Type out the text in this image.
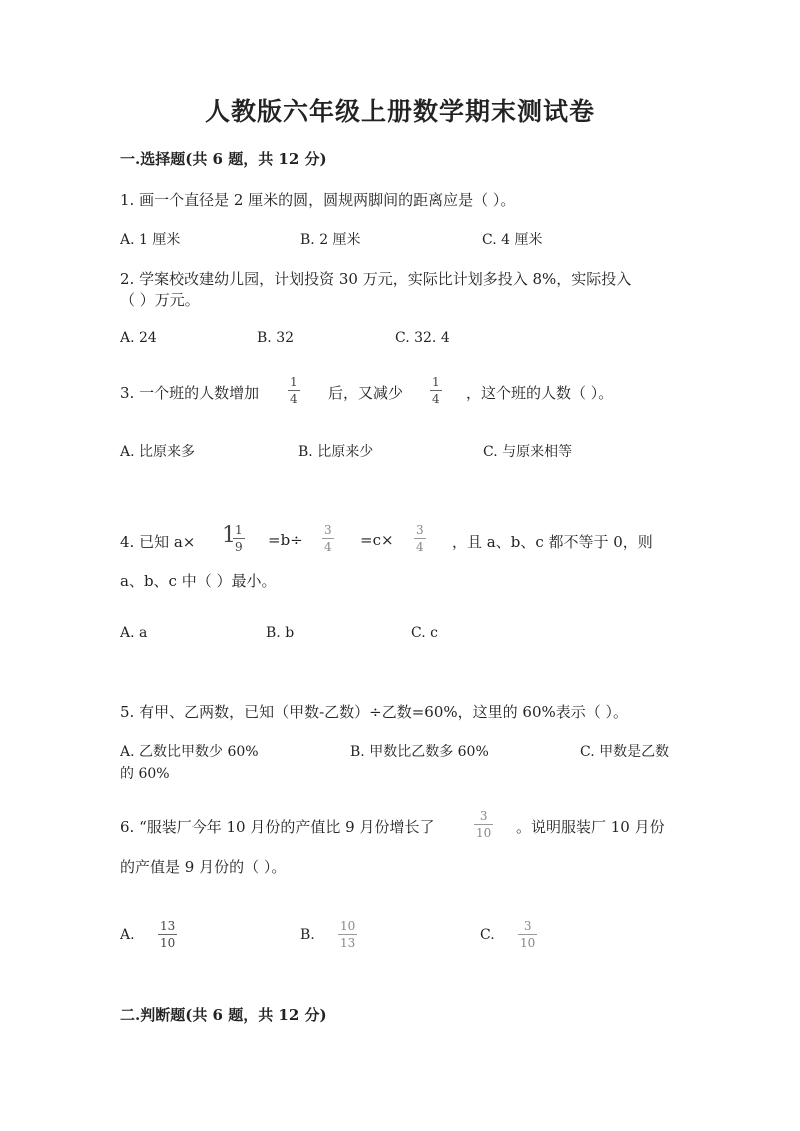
人教版六年级上册数学期末测试卷
一.选择题(共 6 题，共 12 分)
1. 画一个直径是 2 厘米的圆，圆规两脚间的距离应是（ ）。
A. 1 厘米	B. 2 厘米	C. 4 厘米
2. 学案校改建幼儿园，计划投资 30 万元，实际比计划多投入 8%，实际投入
（ ）万元。
A. 24	B. 32	C. 32. 4
3. 一个班的人数增加
1
4 后，又减少
1
4 ，这个班的人数（ ）。
A. 比原来多	B. 比原来少	C. 与原来相等
4. 已知 a× 1 1
9 =b÷
3
4 =c×
3
4 ，且 a、b、c 都不等于 0，则
a、b、c 中（ ）最小。
A. a	B. b	C. c
5. 有甲、乙两数，已知（甲数-乙数）÷乙数=60%，这里的 60%表示（ ）。
A. 乙数比甲数少 60%	B. 甲数比乙数多 60%	C. 甲数是乙数
的 60%
6. “服装厂今年 10 月份的产值比 9 月份增长了
3
10 。说明服装厂 10 月份
的产值是 9 月份的（ ）。
A.
13
10	B.
10
13	C.
3
10
二.判断题(共 6 题，共 12 分)
